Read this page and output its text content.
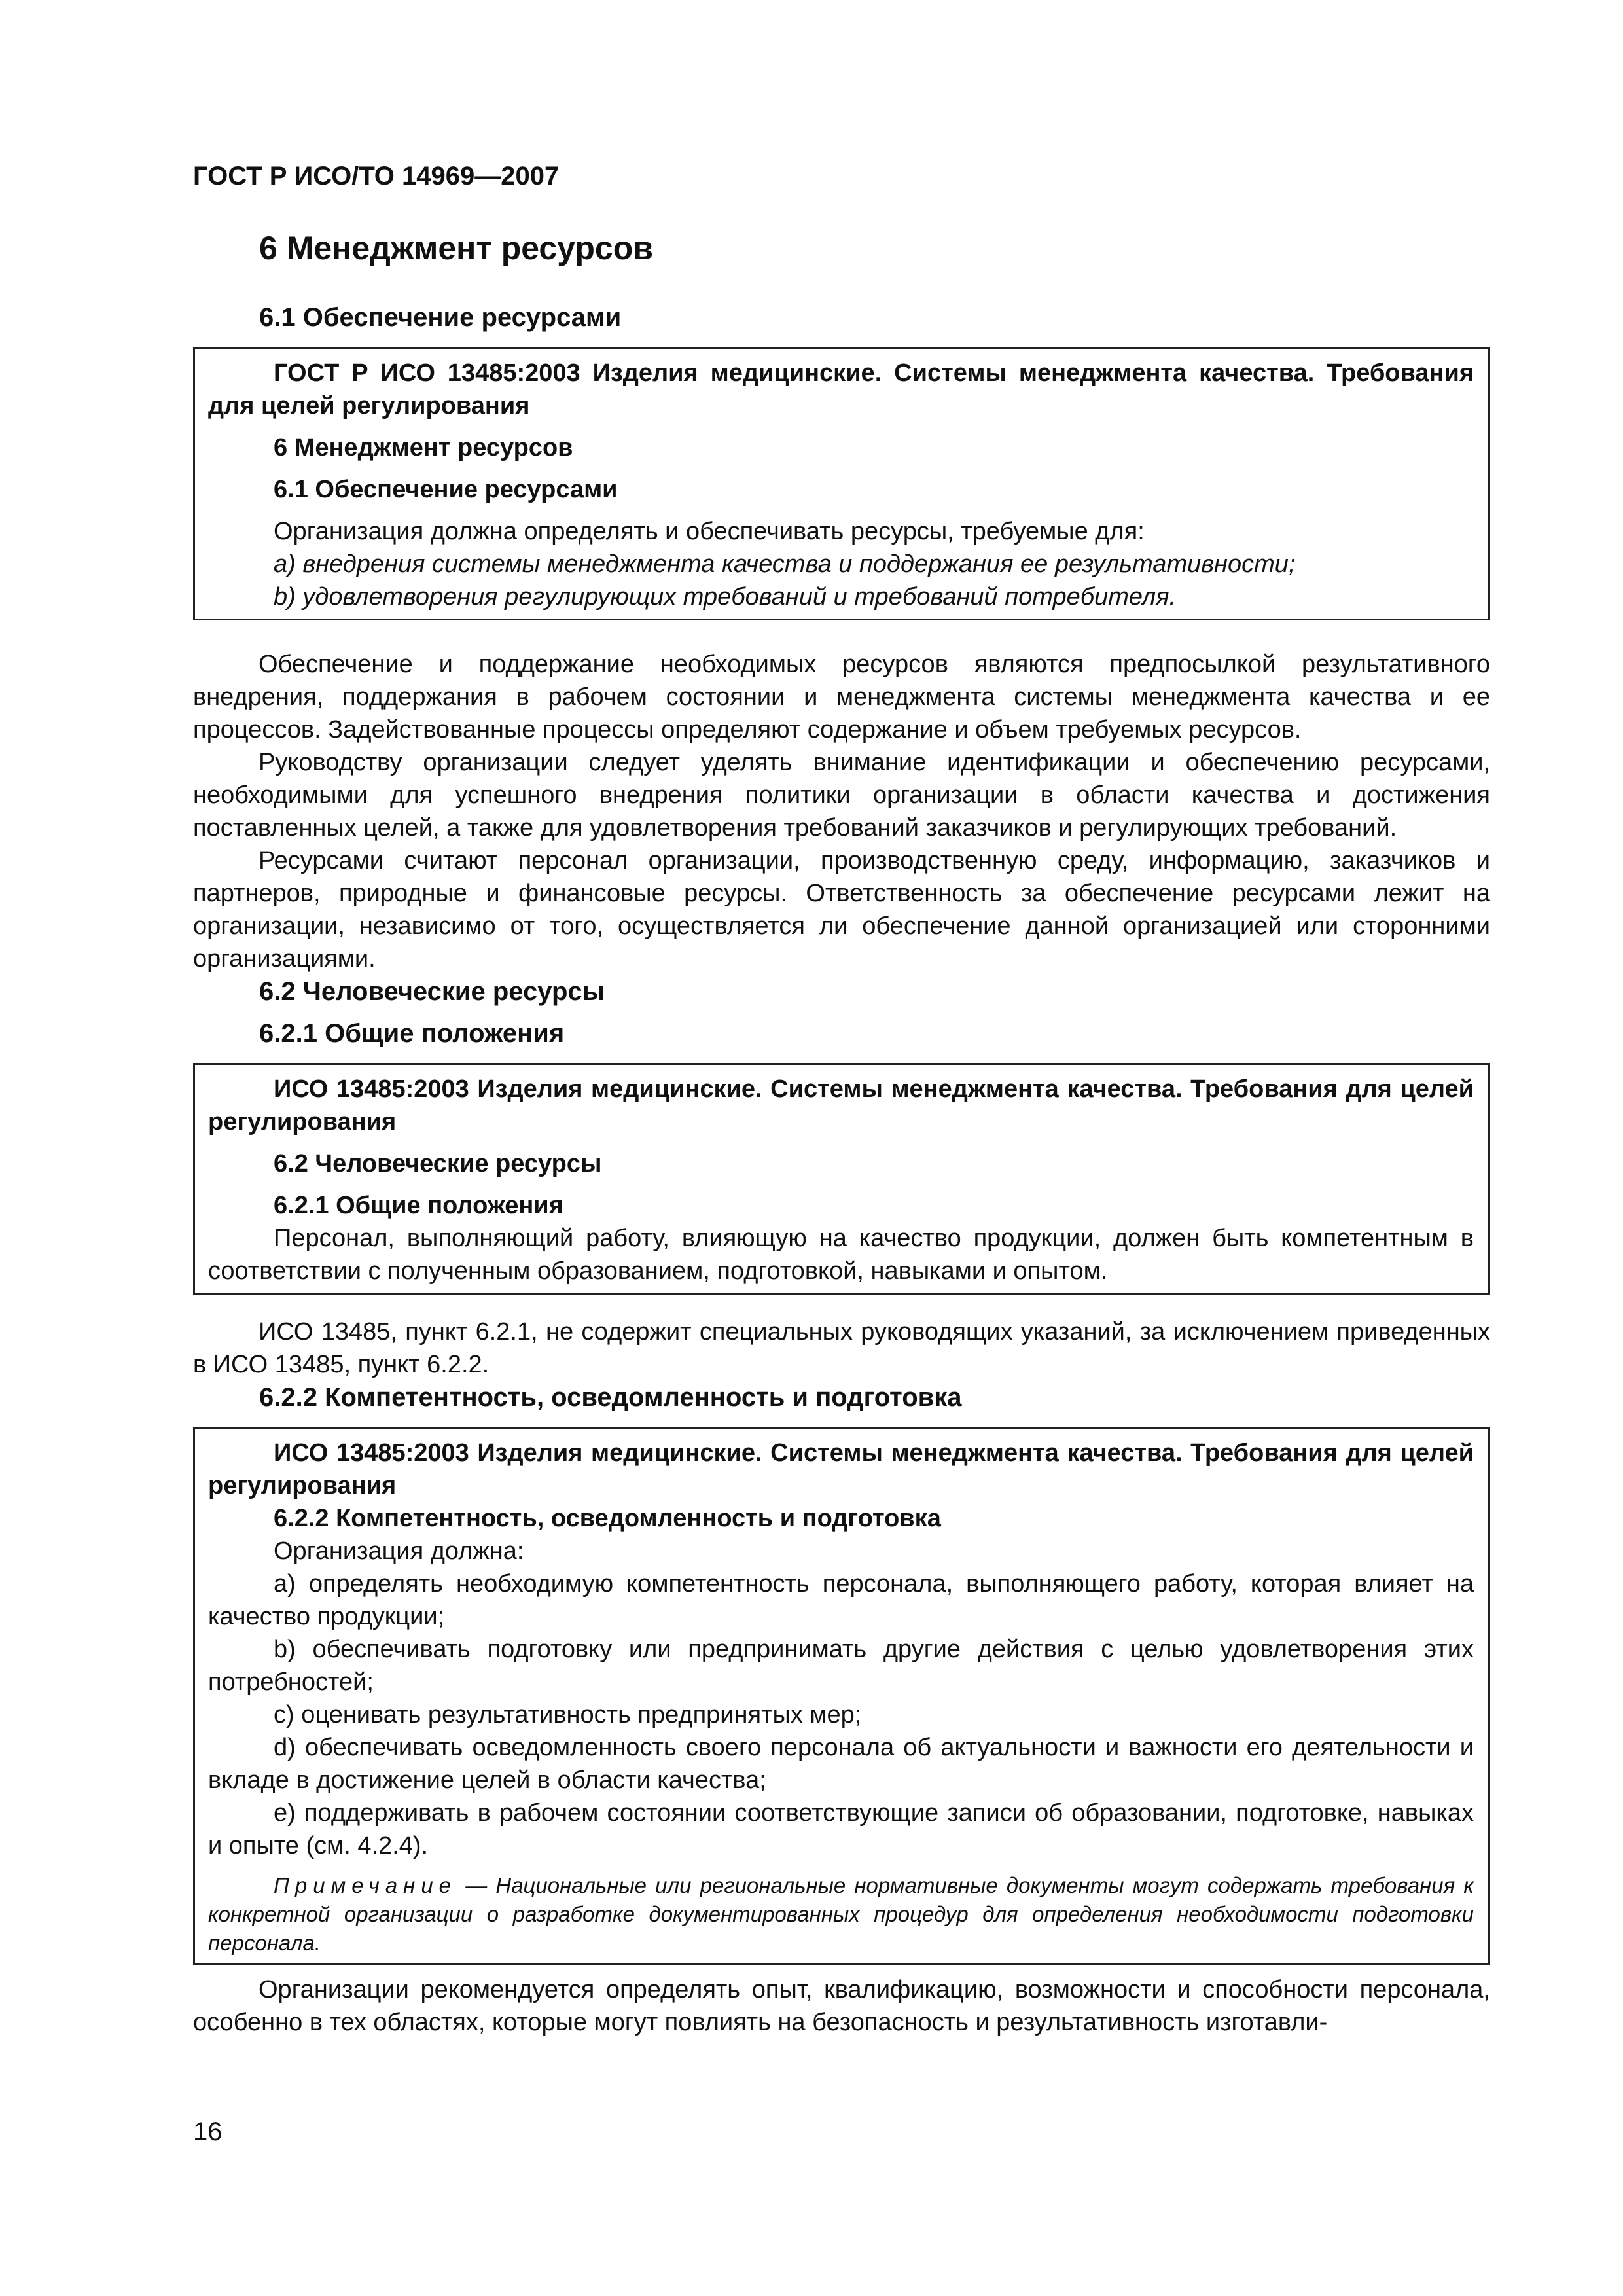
ГОСТ Р ИСО/ТО 14969—2007
6 Менеджмент ресурсов
6.1 Обеспечение ресурсами

ГОСТ Р ИСО 13485:2003 Изделия медицинские. Системы менеджмента качества. Требования для целей регулирования

6 Менеджмент ресурсов

6.1 Обеспечение ресурсами

Организация должна определять и обеспечивать ресурсы, требуемые для:

a) внедрения системы менеджмента качества и поддержания ее результативности;

b) удовлетворения регулирующих требований и требований потребителя.

Обеспечение и поддержание необходимых ресурсов являются предпосылкой результативного внедрения, поддержания в рабочем состоянии и менеджмента системы менеджмента качества и ее процессов. Задействованные процессы определяют содержание и объем требуемых ресурсов.

Руководству организации следует уделять внимание идентификации и обеспечению ресурсами, необходимыми для успешного внедрения политики организации в области качества и достижения поставленных целей, а также для удовлетворения требований заказчиков и регулирующих требований.

Ресурсами считают персонал организации, производственную среду, информацию, заказчиков и партнеров, природные и финансовые ресурсы. Ответственность за обеспечение ресурсами лежит на организации, независимо от того, осуществляется ли обеспечение данной организацией или сторонними организациями.

6.2 Человеческие ресурсы
6.2.1 Общие положения

ИСО 13485:2003 Изделия медицинские. Системы менеджмента качества. Требования для целей регулирования

6.2 Человеческие ресурсы

6.2.1 Общие положения

Персонал, выполняющий работу, влияющую на качество продукции, должен быть компетентным в соответствии с полученным образованием, подготовкой, навыками и опытом.

ИСО 13485, пункт 6.2.1, не содержит специальных руководящих указаний, за исключением приведенных в ИСО 13485, пункт 6.2.2.

6.2.2 Компетентность, осведомленность и подготовка

ИСО 13485:2003 Изделия медицинские. Системы менеджмента качества. Требования для целей регулирования

6.2.2 Компетентность, осведомленность и подготовка

Организация должна:

a) определять необходимую компетентность персонала, выполняющего работу, которая влияет на качество продукции;

b) обеспечивать подготовку или предпринимать другие действия с целью удовлетворения этих потребностей;

c) оценивать результативность предпринятых мер;

d) обеспечивать осведомленность своего персонала об актуальности и важности его деятельности и вкладе в достижение целей в области качества;

e) поддерживать в рабочем состоянии соответствующие записи об образовании, подготовке, навыках и опыте (см. 4.2.4).

Примечание — Национальные или региональные нормативные документы могут содержать требования к конкретной организации о разработке документированных процедур для определения необходимости подготовки персонала.

Организации рекомендуется определять опыт, квалификацию, возможности и способности персонала, особенно в тех областях, которые могут повлиять на безопасность и результативность изготавли-

16
